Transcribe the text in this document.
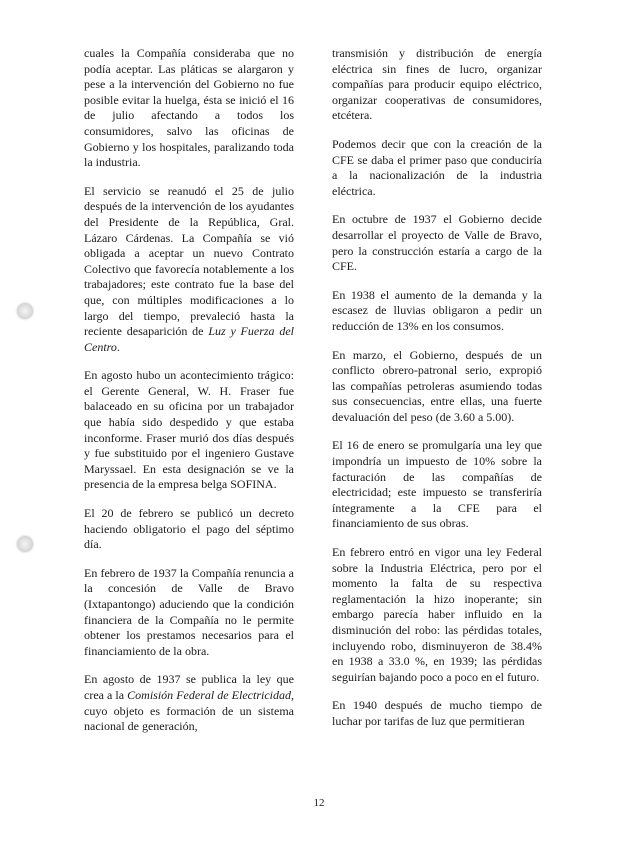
cuales la Compañía consideraba que no podía aceptar. Las pláticas se alargaron y pese a la intervención del Gobierno no fue posible evitar la huelga, ésta se inició el 16 de julio afectando a todos los consumidores, salvo las oficinas de Gobierno y los hospitales, paralizando toda la industria.

El servicio se reanudó el 25 de julio después de la intervención de los ayudantes del Presidente de la República, Gral. Lázaro Cárdenas. La Compañía se vió obligada a aceptar un nuevo Contrato Colectivo que favorecía notablemente a los trabajadores; este contrato fue la base del que, con múltiples modificaciones a lo largo del tiempo, prevaleció hasta la reciente desaparición de Luz y Fuerza del Centro.

En agosto hubo un acontecimiento trágico: el Gerente General, W. H. Fraser fue balaceado en su oficina por un trabajador que había sido despedido y que estaba inconforme. Fraser murió dos días después y fue substituido por el ingeniero Gustave Maryssael. En esta designación se ve la presencia de la empresa belga SOFINA.

El 20 de febrero se publicó un decreto haciendo obligatorio el pago del séptimo día.

En febrero de 1937 la Compañía renuncia a la concesión de Valle de Bravo (Ixtapantongo) aduciendo que la condición financiera de la Compañía no le permite obtener los prestamos necesarios para el financiamiento de la obra.

En agosto de 1937 se publica la ley que crea a la Comisión Federal de Electricidad, cuyo objeto es formación de un sistema nacional de generación,

transmisión y distribución de energía eléctrica sin fines de lucro, organizar compañías para producir equipo eléctrico, organizar cooperativas de consumidores, etcétera.

Podemos decir que con la creación de la CFE se daba el primer paso que conduciría a la nacionalización de la industria eléctrica.

En octubre de 1937 el Gobierno decide desarrollar el proyecto de Valle de Bravo, pero la construcción estaría a cargo de la CFE.

En 1938 el aumento de la demanda y la escasez de lluvias obligaron a pedir un reducción de 13% en los consumos.

En marzo, el Gobierno, después de un conflicto obrero-patronal serio, expropió las compañías petroleras asumiendo todas sus consecuencias, entre ellas, una fuerte devaluación del peso (de 3.60 a 5.00).

El 16 de enero se promulgaría una ley que impondría un impuesto de 10% sobre la facturación de las compañías de electricidad; este impuesto se transferiría íntegramente a la CFE para el financiamiento de sus obras.

En febrero entró en vigor una ley Federal sobre la Industria Eléctrica, pero por el momento la falta de su respectiva reglamentación la hizo inoperante; sin embargo parecía haber influido en la disminución del robo: las pérdidas totales, incluyendo robo, disminuyeron de 38.4% en 1938 a 33.0 %, en 1939; las pérdidas seguirían bajando poco a poco en el futuro.

En 1940 después de mucho tiempo de luchar por tarifas de luz que permitieran

12
